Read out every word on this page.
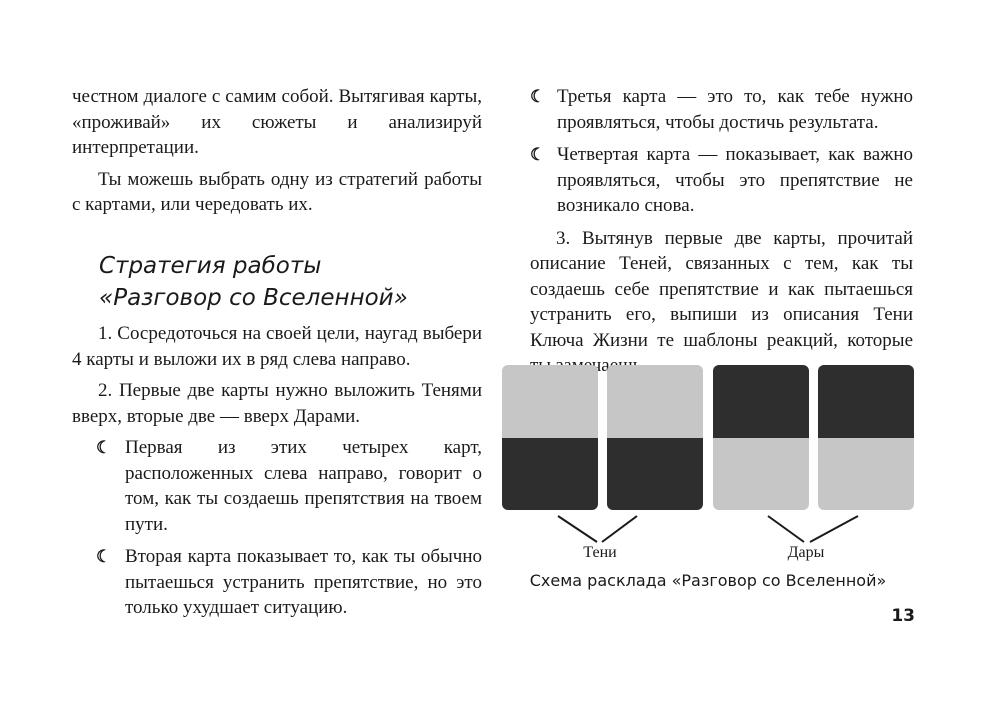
честном диалоге с самим собой. Вытягивая карты, «проживай» их сюжеты и анализируй интерпретации.

Ты можешь выбрать одну из стратегий работы с картами, или чередовать их.

Стратегия работы
«Разговор со Вселенной»

1. Сосредоточься на своей цели, наугад выбери 4 карты и выложи их в ряд слева направо.

2. Первые две карты нужно выложить Тенями вверх, вторые две — вверх Дарами.

☾ Первая из этих четырех карт, расположенных слева направо, говорит о том, как ты создаешь препятствия на твоем пути.
☾ Вторая карта показывает то, как ты обычно пытаешься устранить препятствие, но это только ухудшает ситуацию.
☾ Третья карта — это то, как тебе нужно проявляться, чтобы достичь результата.
☾ Четвертая карта — показывает, как важно проявляться, чтобы это препятствие не возникало снова.

3. Вытянув первые две карты, прочитай описание Теней, связанных с тем, как ты создаешь себе препятствие и как пытаешься устранить его, выпиши из описания Тени Ключа Жизни те шаблоны реакций, которые замечаешь

Тени	Дары
Схема расклада «Разговор со Вселенной»
13
